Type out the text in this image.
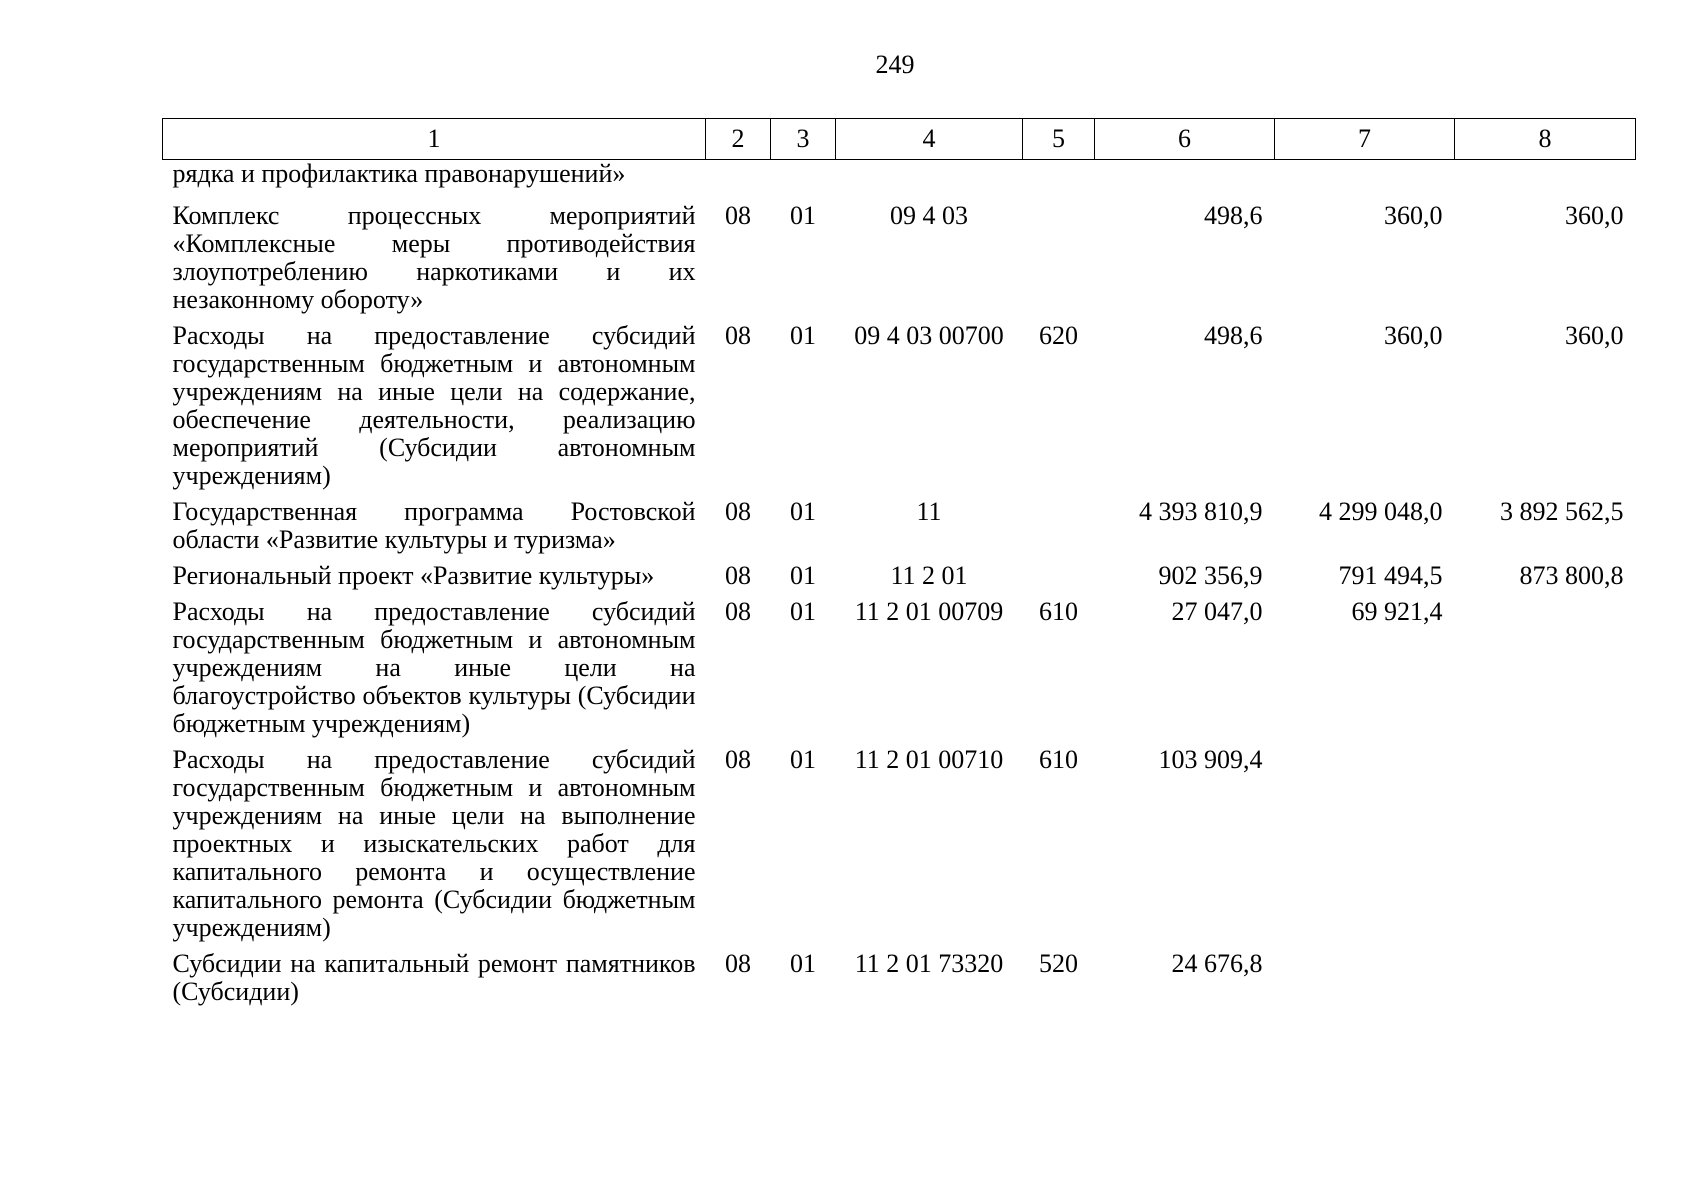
249
1	2	3	4	5	6	7	8
рядка и профилактика правонарушений»							
Комплекс процессных мероприятий «Комплексные меры противодействия злоупотреблению наркотиками и их незаконному обороту»	08	01	09 4 03		498,6	360,0	360,0
Расходы на предоставление субсидий государственным бюджетным и автономным учреждениям на иные цели на содержание, обеспечение деятельности, реализацию мероприятий (Субсидии автономным учреждениям)	08	01	09 4 03 00700	620	498,6	360,0	360,0
Государственная программа Ростовской области «Развитие культуры и туризма»	08	01	11		4 393 810,9	4 299 048,0	3 892 562,5
Региональный проект «Развитие культуры»	08	01	11 2 01		902 356,9	791 494,5	873 800,8
Расходы на предоставление субсидий государственным бюджетным и автономным учреждениям на иные цели на благоустройство объектов культуры (Субсидии бюджетным учреждениям)	08	01	11 2 01 00709	610	27 047,0	69 921,4	
Расходы на предоставление субсидий государственным бюджетным и автономным учреждениям на иные цели на выполнение проектных и изыскательских работ для капитального ремонта и осуществление капитального ремонта (Субсидии бюджетным учреждениям)	08	01	11 2 01 00710	610	103 909,4		
Субсидии на капитальный ремонт памятников (Субсидии)	08	01	11 2 01 73320	520	24 676,8		
